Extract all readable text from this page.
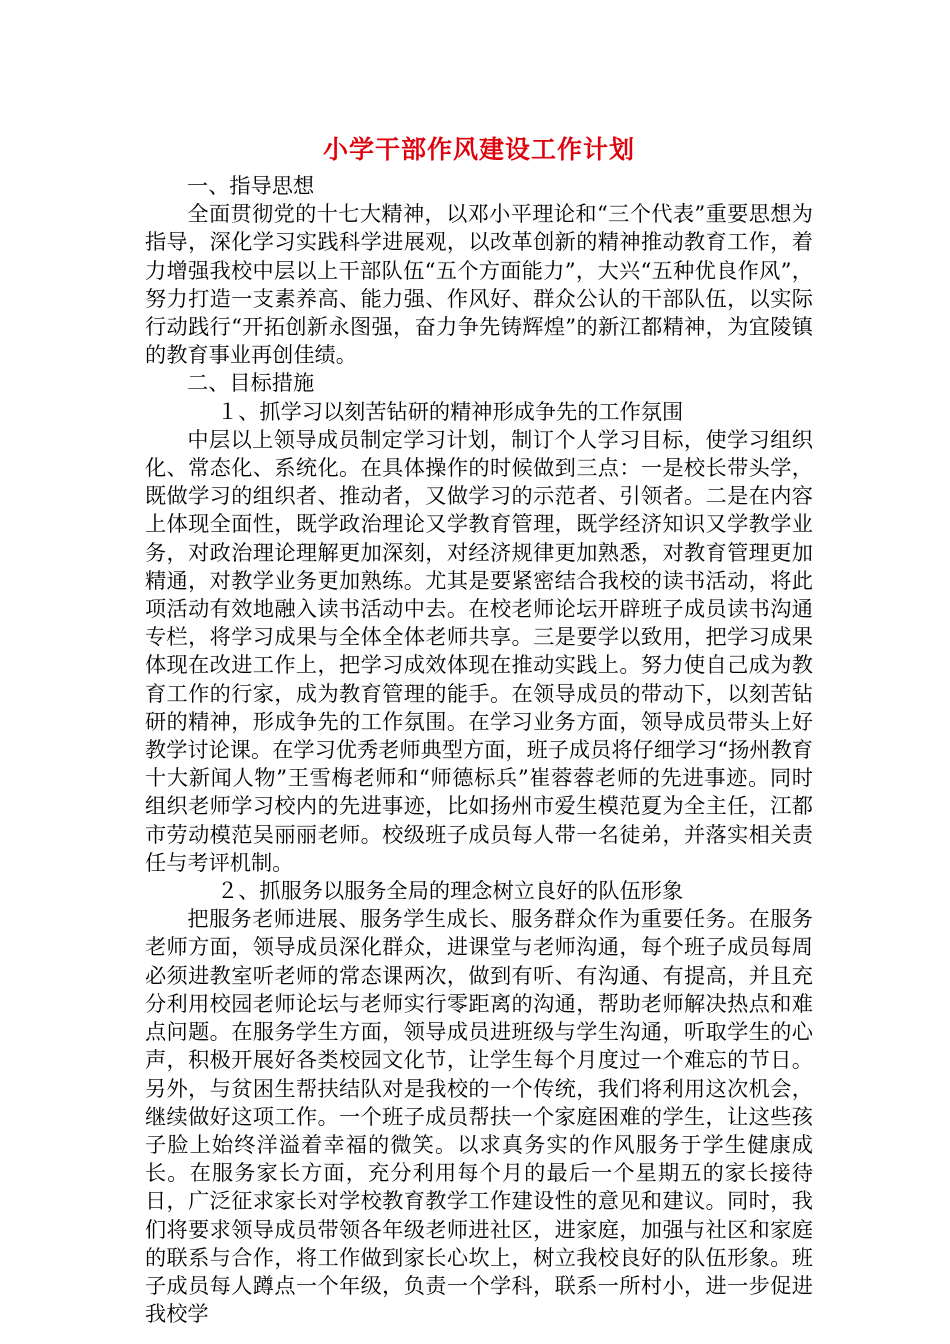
小学干部作风建设工作计划

一、指导思想

全面贯彻党的十七大精神，以邓小平理论和“三个代表”重要思想为指导，深化学习实践科学进展观，以改革创新的精神推动教育工作，着力增强我校中层以上干部队伍“五个方面能力”，大兴“五种优良作风”，努力打造一支素养高、能力强、作风好、群众公认的干部队伍，以实际行动践行“开拓创新永图强，奋力争先铸辉煌”的新江都精神，为宜陵镇的教育事业再创佳绩。

二、目标措施

１、抓学习以刻苦钻研的精神形成争先的工作氛围

中层以上领导成员制定学习计划，制订个人学习目标，使学习组织化、常态化、系统化。在具体操作的时候做到三点：一是校长带头学，既做学习的组织者、推动者，又做学习的示范者、引领者。二是在内容上体现全面性，既学政治理论又学教育管理，既学经济知识又学教学业务，对政治理论理解更加深刻，对经济规律更加熟悉，对教育管理更加精通，对教学业务更加熟练。尤其是要紧密结合我校的读书活动，将此项活动有效地融入读书活动中去。在校老师论坛开辟班子成员读书沟通专栏，将学习成果与全体全体老师共享。三是要学以致用，把学习成果体现在改进工作上，把学习成效体现在推动实践上。努力使自己成为教育工作的行家，成为教育管理的能手。在领导成员的带动下，以刻苦钻研的精神，形成争先的工作氛围。在学习业务方面，领导成员带头上好教学讨论课。在学习优秀老师典型方面，班子成员将仔细学习“扬州教育十大新闻人物”王雪梅老师和“师德标兵”崔蓉蓉老师的先进事迹。同时组织老师学习校内的先进事迹，比如扬州市爱生模范夏为全主任，江都市劳动模范吴丽丽老师。校级班子成员每人带一名徒弟，并落实相关责任与考评机制。

２、抓服务以服务全局的理念树立良好的队伍形象

把服务老师进展、服务学生成长、服务群众作为重要任务。在服务老师方面，领导成员深化群众，进课堂与老师沟通，每个班子成员每周必须进教室听老师的常态课两次，做到有听、有沟通、有提高，并且充分利用校园老师论坛与老师实行零距离的沟通，帮助老师解决热点和难点问题。在服务学生方面，领导成员进班级与学生沟通，听取学生的心声，积极开展好各类校园文化节，让学生每个月度过一个难忘的节日。另外，与贫困生帮扶结队对是我校的一个传统，我们将利用这次机会，继续做好这项工作。一个班子成员帮扶一个家庭困难的学生，让这些孩子脸上始终洋溢着幸福的微笑。以求真务实的作风服务于学生健康成长。在服务家长方面，充分利用每个月的最后一个星期五的家长接待日，广泛征求家长对学校教育教学工作建设性的意见和建议。同时，我们将要求领导成员带领各年级老师进社区，进家庭，加强与社区和家庭的联系与合作，将工作做到家长心坎上，树立我校良好的队伍形象。班子成员每人蹲点一个年级，负责一个学科，联系一所村小，进一步促进我校学
